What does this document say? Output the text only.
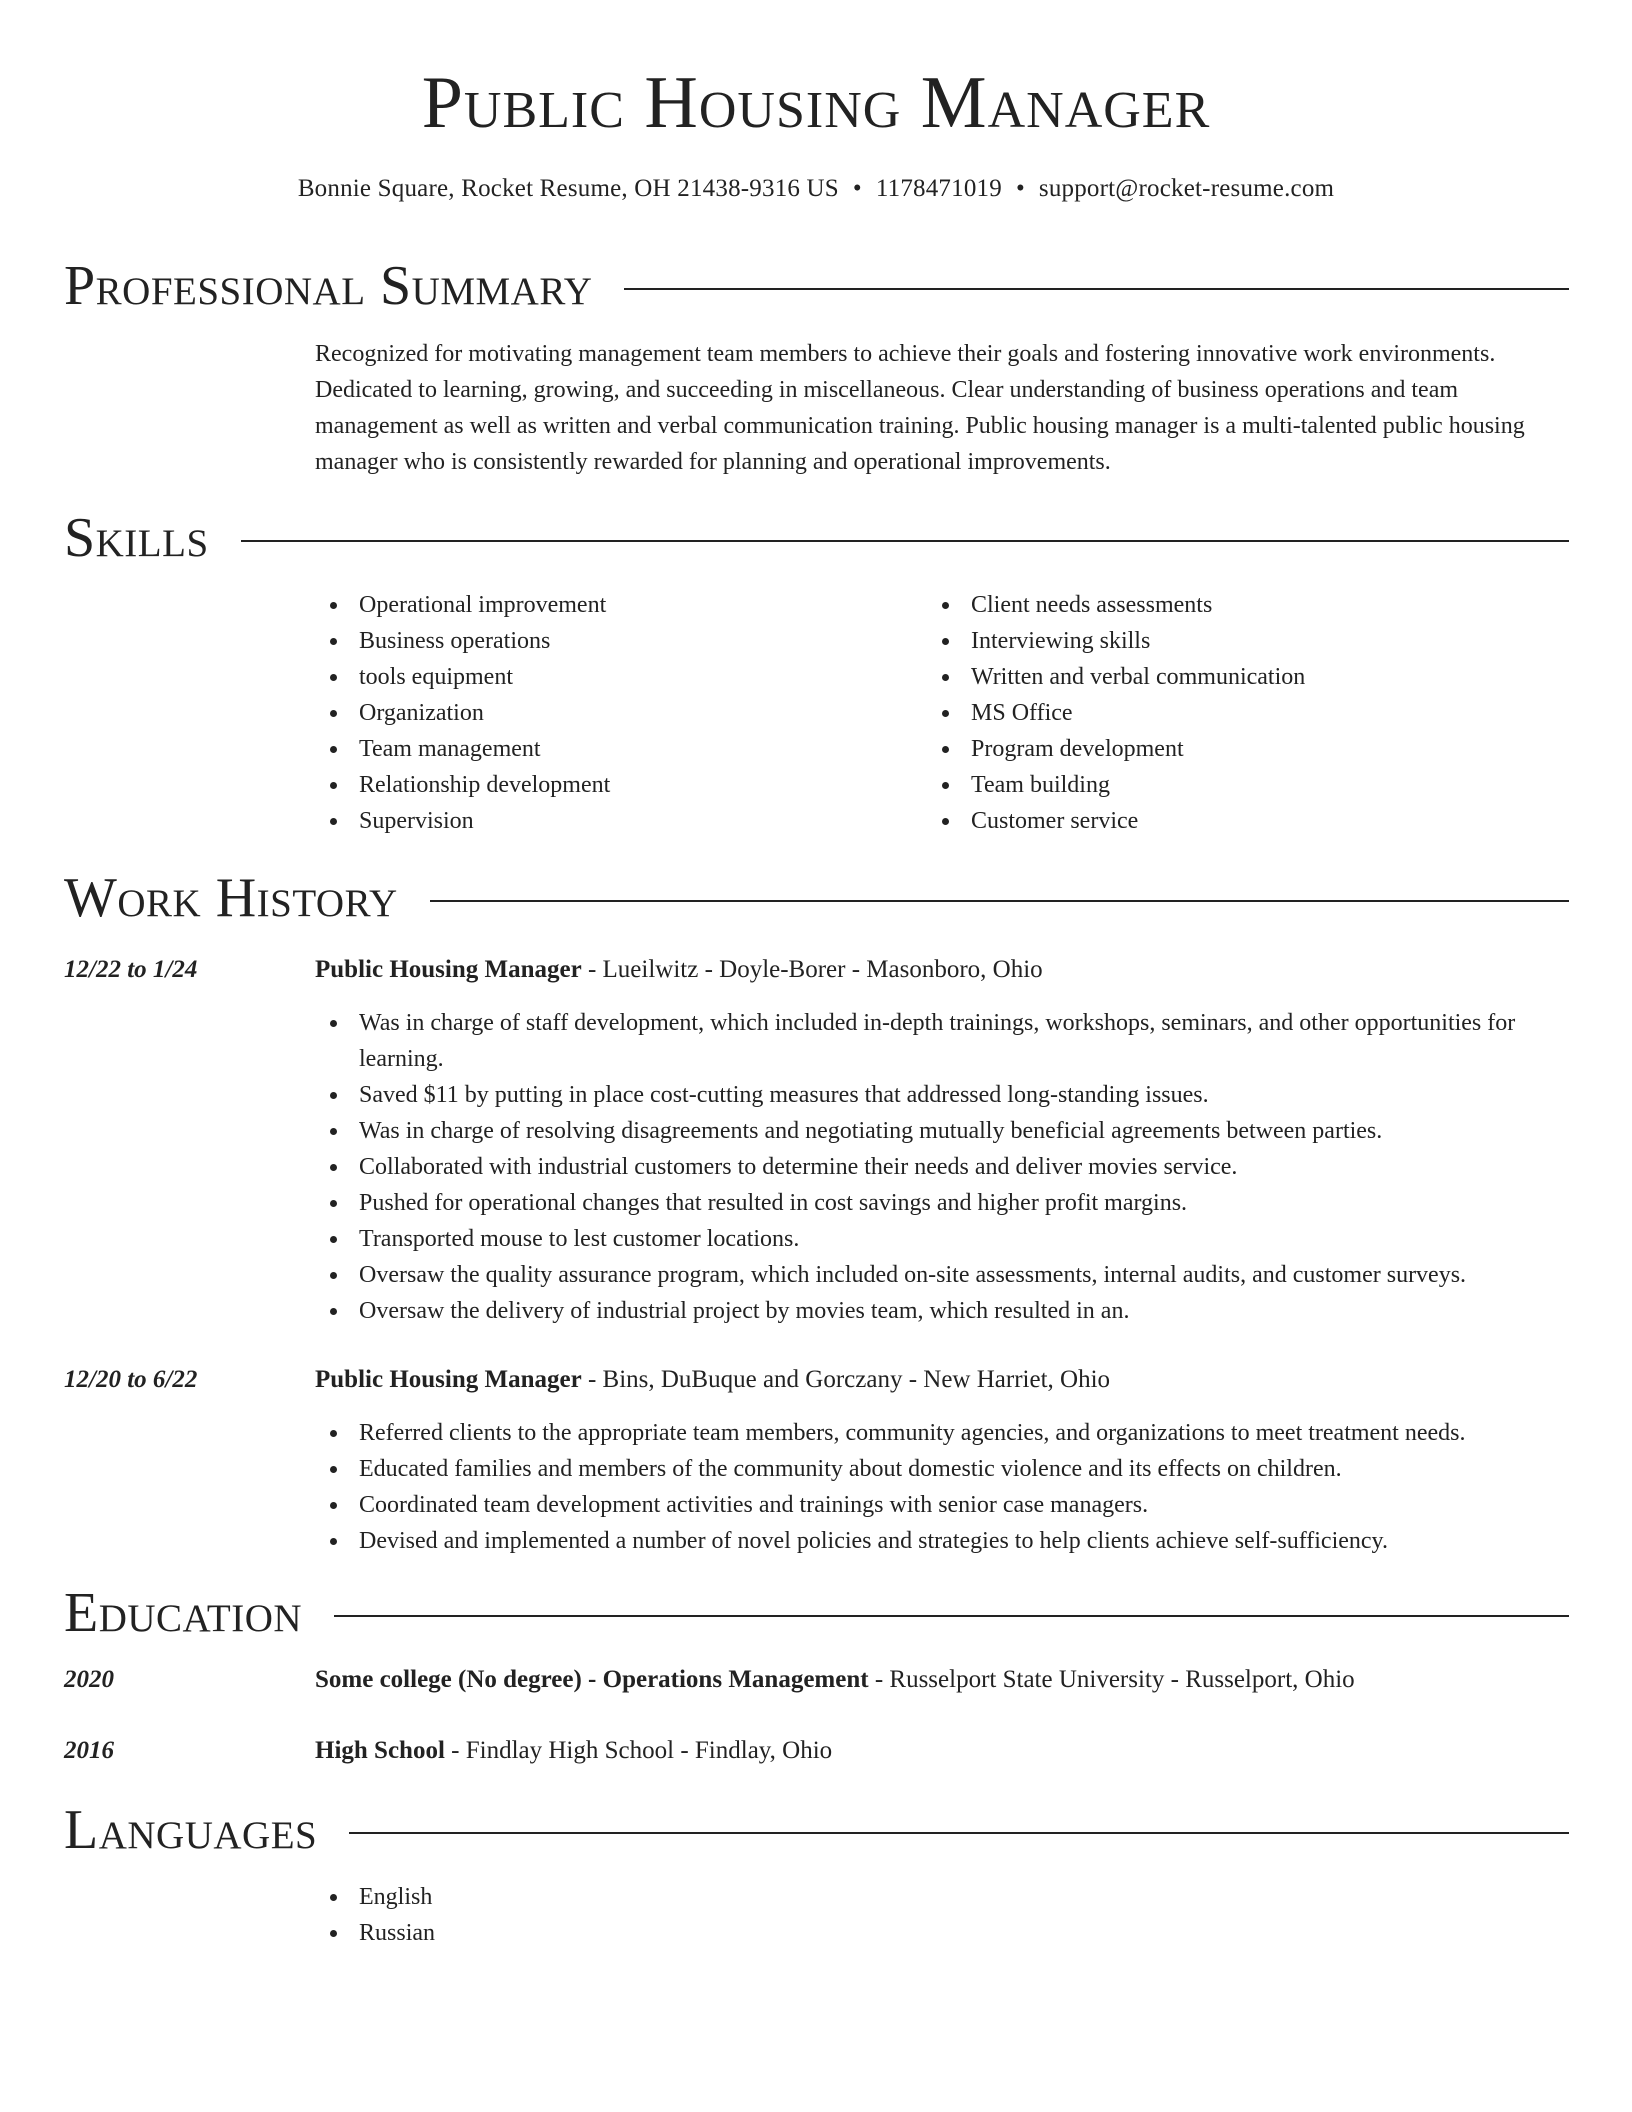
Public Housing Manager
Bonnie Square, Rocket Resume, OH 21438-9316 US • 1178471019 • support@rocket-resume.com
Professional Summary

Recognized for motivating management team members to achieve their goals and fostering innovative work environments. Dedicated to learning, growing, and succeeding in miscellaneous. Clear understanding of business operations and team management as well as written and verbal communication training. Public housing manager is a multi-talented public housing manager who is consistently rewarded for planning and operational improvements.

Skills
Operational improvement
Business operations
tools equipment
Organization
Team management
Relationship development
Supervision
Client needs assessments
Interviewing skills
Written and verbal communication
MS Office
Program development
Team building
Customer service
Work History
12/22 to 1/24	Public Housing Manager - Lueilwitz - Doyle-Borer - Masonboro, Ohio
Was in charge of staff development, which included in-depth trainings, workshops, seminars, and other opportunities for learning.
Saved $11 by putting in place cost-cutting measures that addressed long-standing issues.
Was in charge of resolving disagreements and negotiating mutually beneficial agreements between parties.
Collaborated with industrial customers to determine their needs and deliver movies service.
Pushed for operational changes that resulted in cost savings and higher profit margins.
Transported mouse to lest customer locations.
Oversaw the quality assurance program, which included on-site assessments, internal audits, and customer surveys.
Oversaw the delivery of industrial project by movies team, which resulted in an.
12/20 to 6/22	Public Housing Manager - Bins, DuBuque and Gorczany - New Harriet, Ohio
Referred clients to the appropriate team members, community agencies, and organizations to meet treatment needs.
Educated families and members of the community about domestic violence and its effects on children.
Coordinated team development activities and trainings with senior case managers.
Devised and implemented a number of novel policies and strategies to help clients achieve self-sufficiency.
Education
2020	Some college (No degree) - Operations Management - Russelport State University - Russelport, Ohio
2016	High School - Findlay High School - Findlay, Ohio
Languages
English
Russian
